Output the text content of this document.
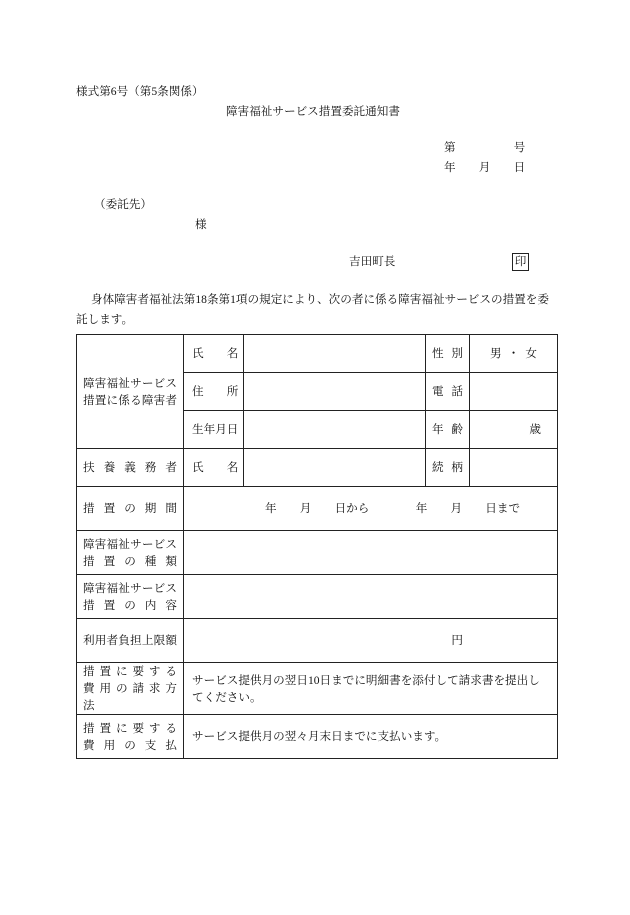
様式第6号（第5条関係）
障害福祉サービス措置委託通知書
第　　　　　号
年　　月　　日
（委託先）
様
吉田町長	印
身体障害者福祉法第18条第1項の規定により、次の者に係る障害福祉サービスの措置を委
託します。
障害福祉サービス
措置に係る障害者	氏　　名		性 別	男 ・ 女

	住　　所		電 話	

	生年月日		年 齢	歳

扶 養 義 務 者	氏　　名		続 柄	

措 置 の 期 間	年　　月　　日から　　　　年　　月　　日まで			

障害福祉サービス
措 置 の 種 類				

障害福祉サービス
措 置 の 内 容				

利用者負担上限額	円			

措 置 に 要 す る
費 用 の 請 求 方 法	サービス提供月の翌日10日までに明細書を添付して請求書を提出し
てください。			

措 置 に 要 す る
費 用 の 支 払	サービス提供月の翌々月末日までに支払います。			
